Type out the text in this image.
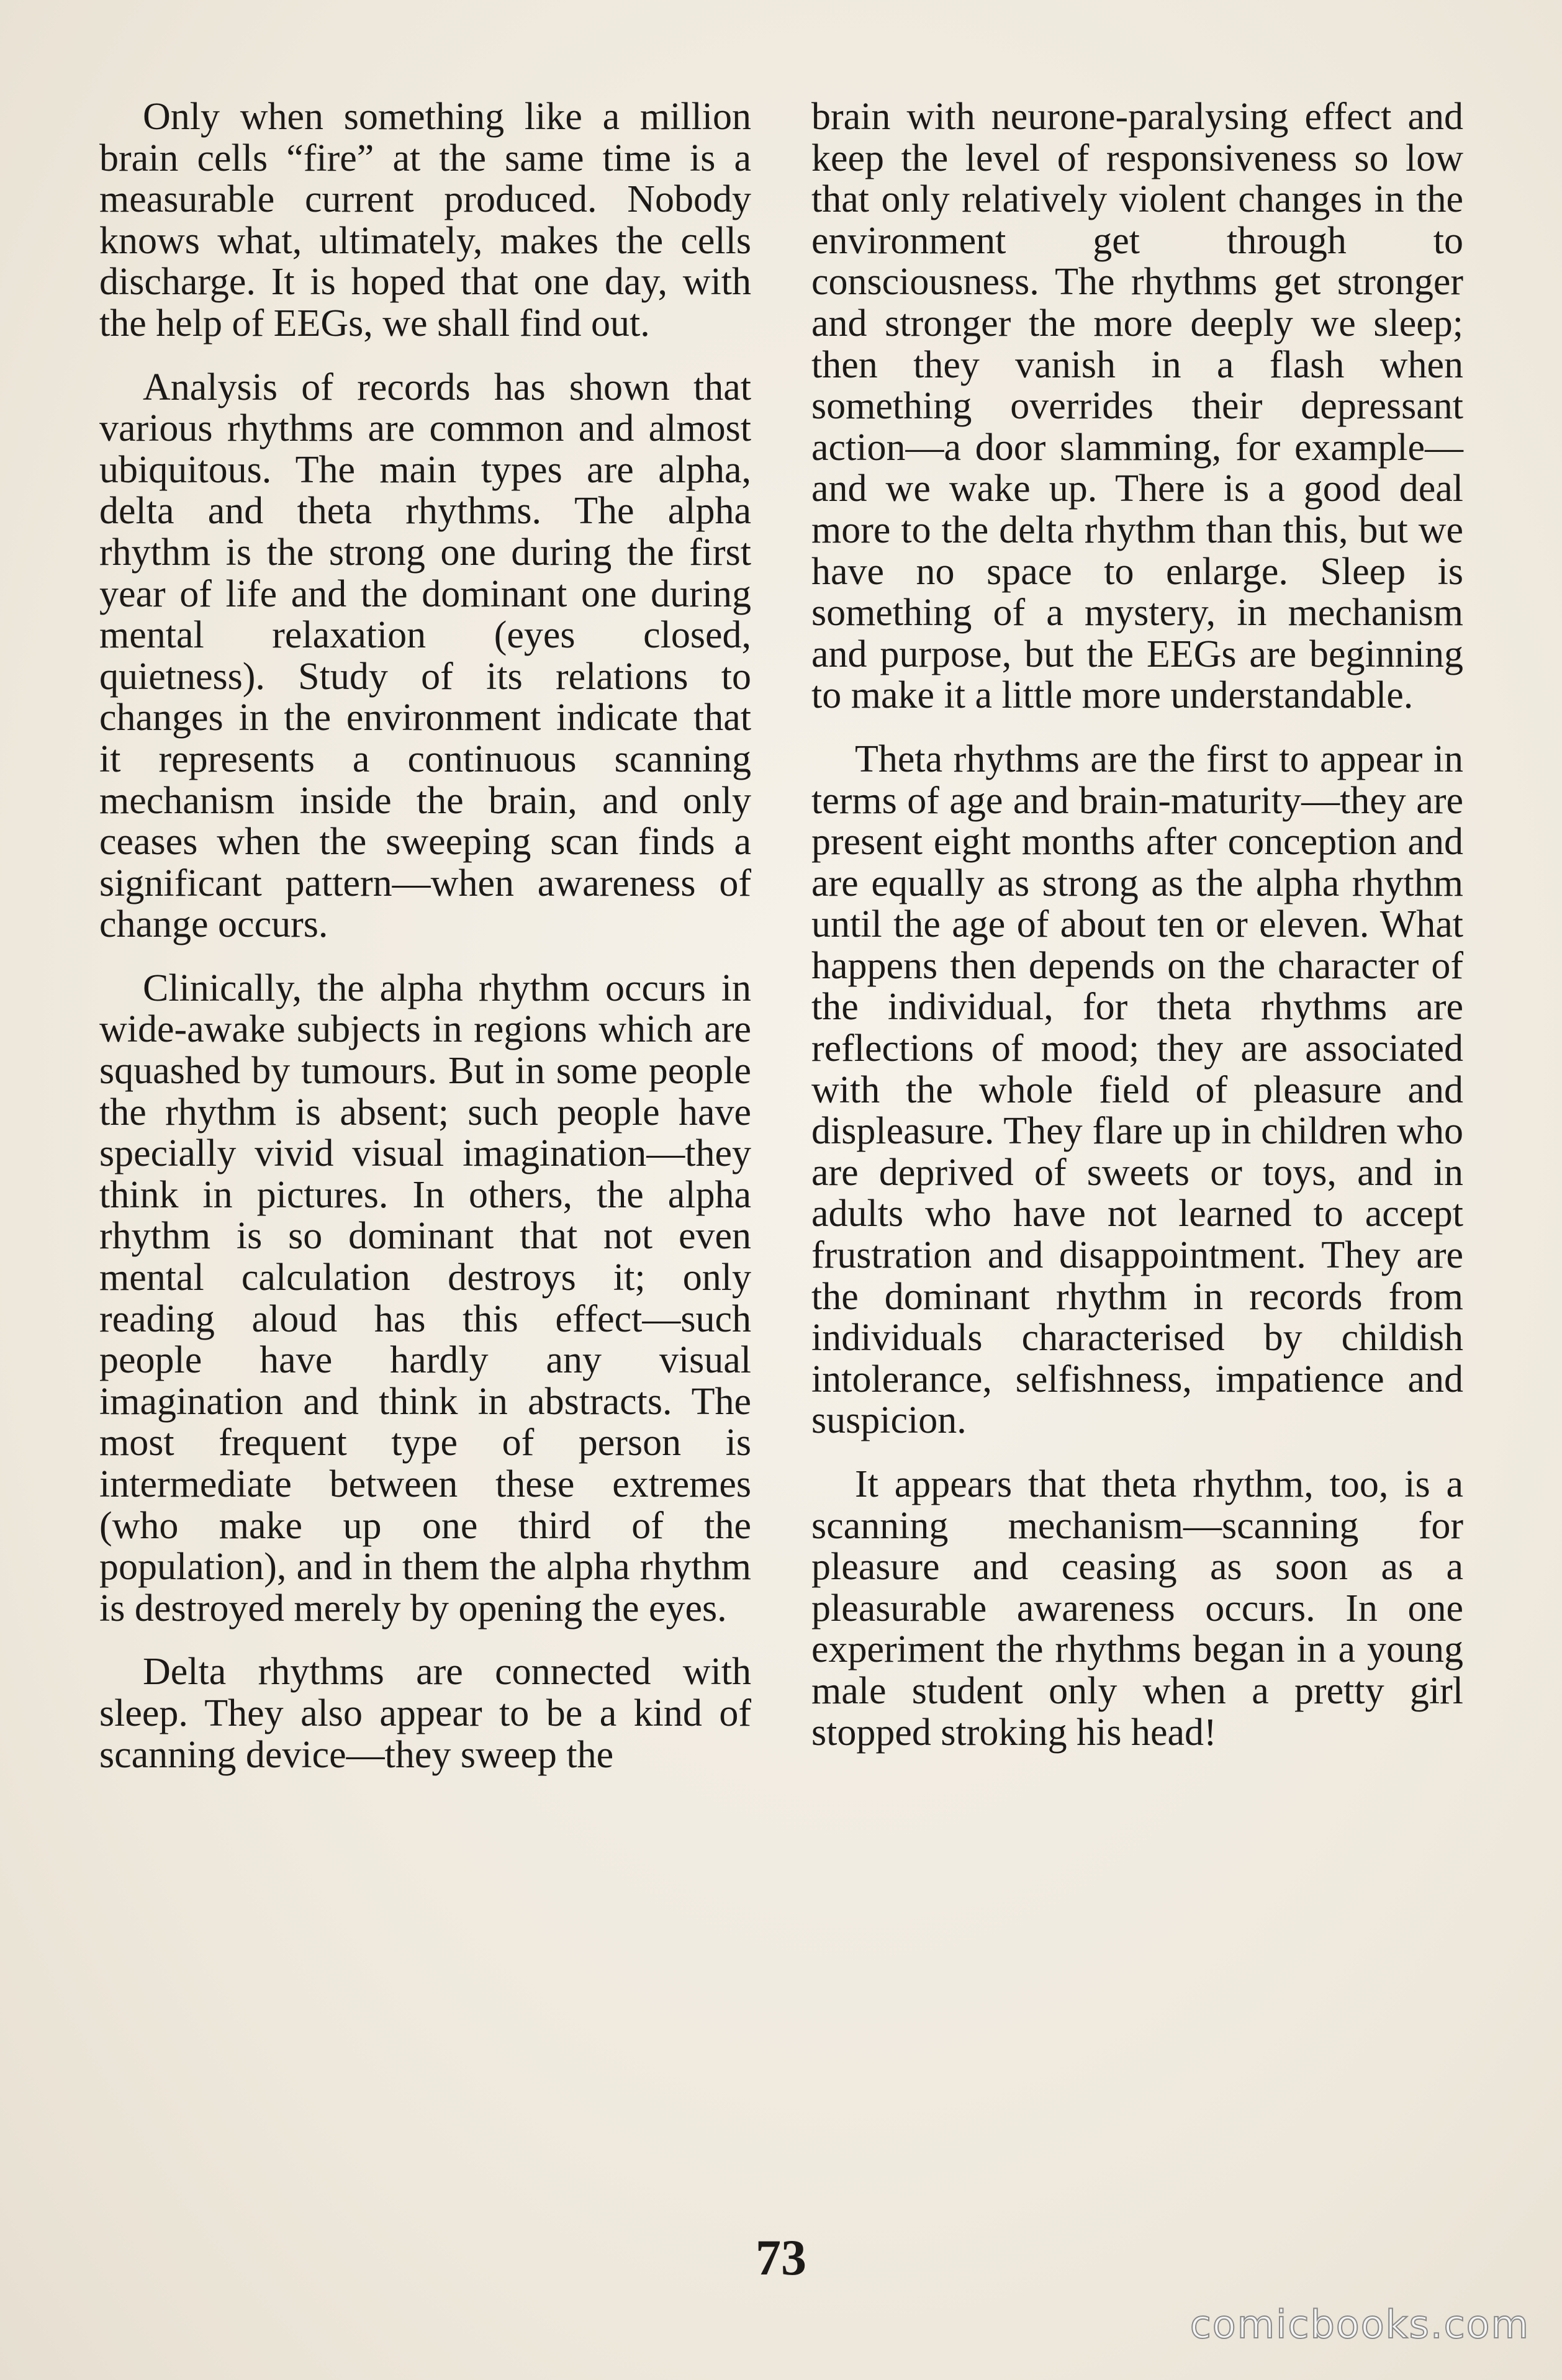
Only when something like a million brain cells “fire” at the same time is a measurable current produced. Nobody knows what, ultimately, makes the cells discharge. It is hoped that one day, with the help of EEGs, we shall find out.

Analysis of records has shown that various rhythms are common and almost ubiquitous. The main types are alpha, delta and theta rhythms. The alpha rhythm is the strong one during the first year of life and the dominant one during mental relaxation (eyes closed, quietness). Study of its relations to changes in the environment indicate that it represents a continuous scanning mechanism inside the brain, and only ceases when the sweeping scan finds a significant pattern—when awareness of change occurs.

Clinically, the alpha rhythm occurs in wide-awake subjects in regions which are squashed by tumours. But in some people the rhythm is absent; such people have specially vivid visual imagination—they think in pictures. In others, the alpha rhythm is so dominant that not even mental calculation destroys it; only reading aloud has this effect—such people have hardly any visual imagination and think in abstracts. The most frequent type of person is intermediate between these extremes (who make up one third of the population), and in them the alpha rhythm is destroyed merely by opening the eyes.

Delta rhythms are connected with sleep. They also appear to be a kind of scanning device—they sweep the

brain with neurone-paralysing effect and keep the level of responsiveness so low that only relatively violent changes in the environment get through to consciousness. The rhythms get stronger and stronger the more deeply we sleep; then they vanish in a flash when something overrides their depressant action—a door slamming, for example—and we wake up. There is a good deal more to the delta rhythm than this, but we have no space to enlarge. Sleep is something of a mystery, in mechanism and purpose, but the EEGs are beginning to make it a little more understandable.

Theta rhythms are the first to appear in terms of age and brain-maturity—they are present eight months after conception and are equally as strong as the alpha rhythm until the age of about ten or eleven. What happens then depends on the character of the individual, for theta rhythms are reflections of mood; they are associated with the whole field of pleasure and displeasure. They flare up in children who are deprived of sweets or toys, and in adults who have not learned to accept frustration and disappointment. They are the dominant rhythm in records from individuals characterised by childish intolerance, selfishness, impatience and suspicion.

It appears that theta rhythm, too, is a scanning mechanism—scanning for pleasure and ceasing as soon as a pleasurable awareness occurs. In one experiment the rhythms began in a young male student only when a pretty girl stopped stroking his head!

73
comicbooks.com
